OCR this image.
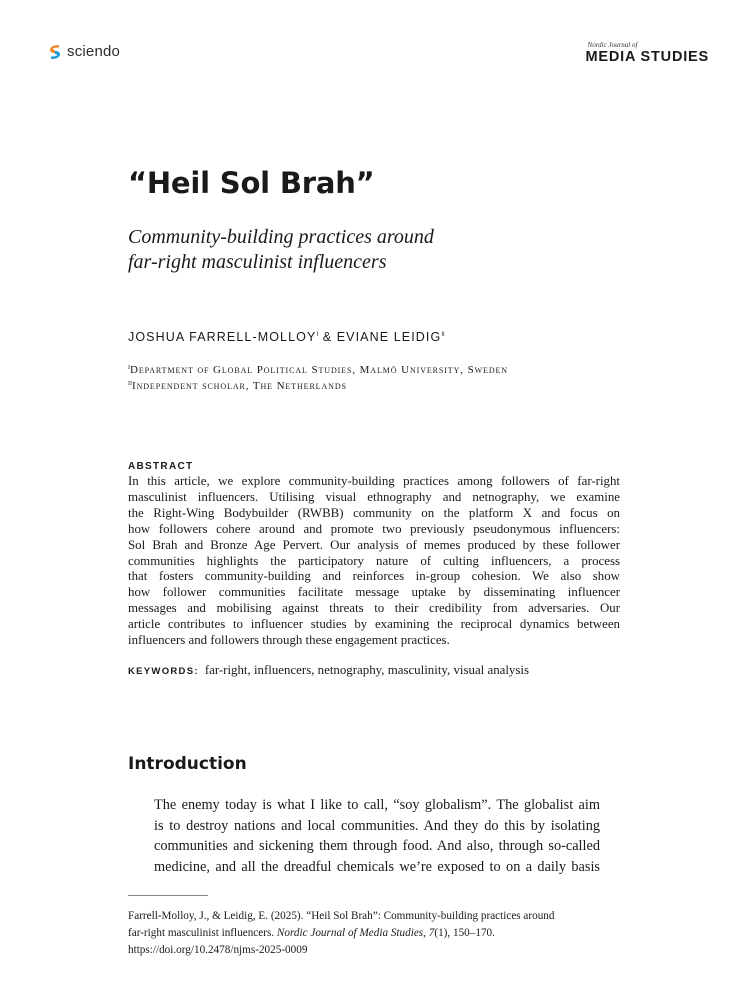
sciendo	Nordic Journal of
MEDIA STUDIES
“Heil Sol Brah”
Community-building practices around
far-right masculinist influencers
JOSHUA FARRELL-$MOLLOY^I$ & EVIANE $LEIDIG^{II}$
$^I$Department of Global Political Studies, Malmö University, Sweden
$^{II}$Independent scholar, The Netherlands
ABSTRACT
In this article, we explore community-building practices among followers of far-right
masculinist influencers. Utilising visual ethnography and netnography, we examine
the Right-Wing Bodybuilder (RWBB) community on the platform X and focus on
how followers cohere around and promote two previously pseudonymous influencers:
Sol Brah and Bronze Age Pervert. Our analysis of memes produced by these follower
communities highlights the participatory nature of culting influencers, a process
that fosters community-building and reinforces in-group cohesion. We also show
how follower communities facilitate message uptake by disseminating influencer
messages and mobilising against threats to their credibility from adversaries. Our
article contributes to influencer studies by examining the reciprocal dynamics between
influencers and followers through these engagement practices.
KEYWORDS: far-right, influencers, netnography, masculinity, visual analysis
Introduction
The enemy today is what I like to call, “soy globalism”. The globalist aim
is to destroy nations and local communities. And they do this by isolating
communities and sickening them through food. And also, through so-called
medicine, and all the dreadful chemicals we’re exposed to on a daily basis
Farrell-Molloy, J., & Leidig, E. (2025). “Heil Sol Brah”: Community-building practices around
far-right masculinist influencers. Nordic Journal of Media Studies, 7(1), 150–170.
https://doi.org/10.2478/njms-2025-0009
